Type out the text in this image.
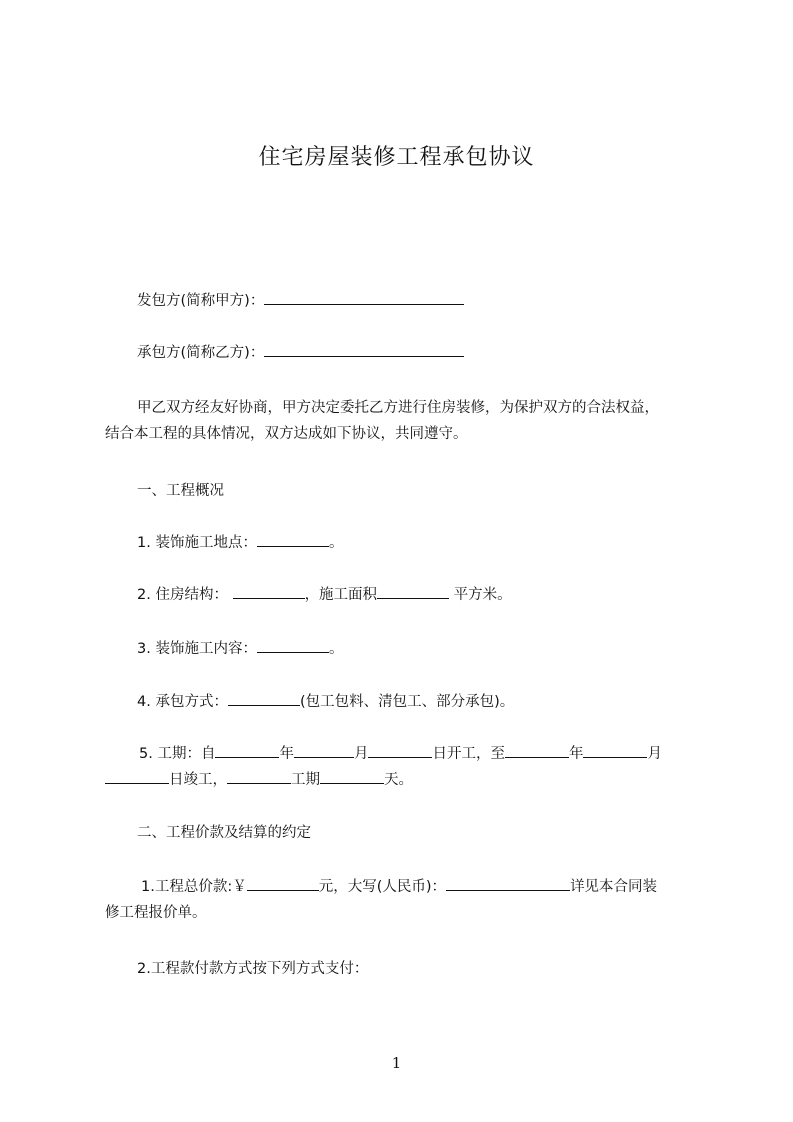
住宅房屋装修工程承包协议
发包方(简称甲方)：
承包方(简称乙方)：
甲乙双方经友好协商，甲方决定委托乙方进行住房装修，为保护双方的合法权益，
结合本工程的具体情况，双方达成如下协议，共同遵守。
一、工程概况
1. 装饰施工地点：	。
2. 住房结构：	，施工面积	平方米。
3. 装饰施工内容：	。
4. 承包方式：	(包工包料、清包工、部分承包)。
5. 工期：自	年	月	日开工，至	年	月
日竣工，	工期	天。
二、工程价款及结算的约定
1.工程总价款:￥	元，大写(人民币)：	详见本合同装
修工程报价单。
2.工程款付款方式按下列方式支付：
1
